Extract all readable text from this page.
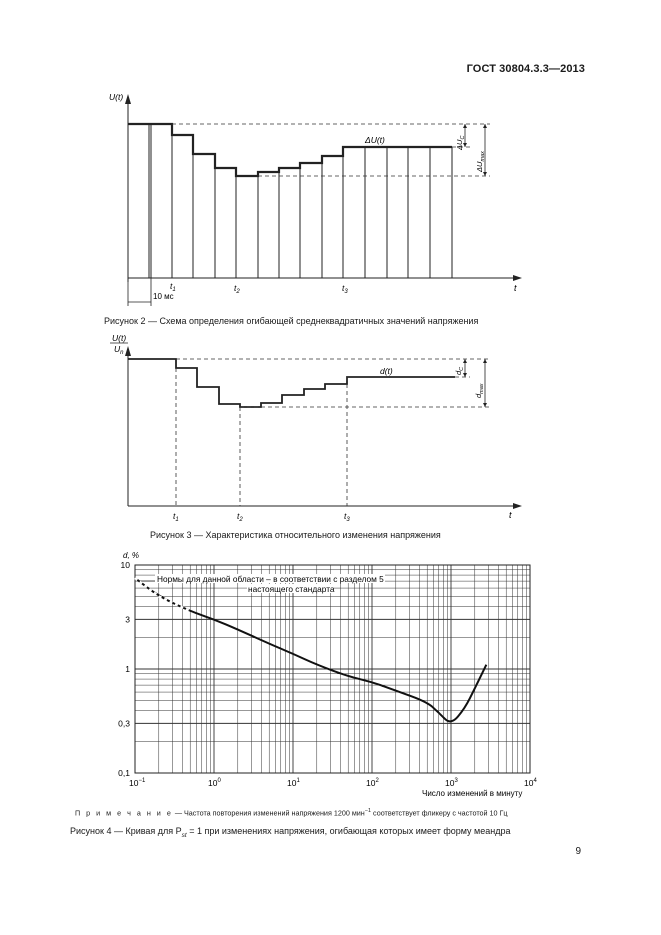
ГОСТ 30804.3.3—2013
10 мс
U(t)
t
$t_1$	$t_2$	$t_3$
ΔU(t)	$\Delta U_C$
$\Delta U_{max}$
Рисунок 2 — Схема определения огибающей среднеквадратичных значений напряжения
U(t)
$U_n$
t
$t_1$	$t_2$	$t_3$
d(t)	$d_C$
$d_{max}$
Рисунок 3 — Характеристика относительного изменения напряжения
10
3
1
0,3
0,1
$10^{-1}$	$10^0$	$10^1$	$10^2$	$10^3$	$10^4$
Нормы для данной области – в соответствии с разделом 5
настоящего стандарта
d, %
Число изменений в минуту
П р и м е ч а н и е — Частота повторения изменений напряжения 1200 мин$^{-1}$ соответствует фликеру с частотой 10 Гц
Рисунок 4 — Кривая для $P_{st} = 1$ при изменениях напряжения, огибающая которых имеет форму меандра
9
